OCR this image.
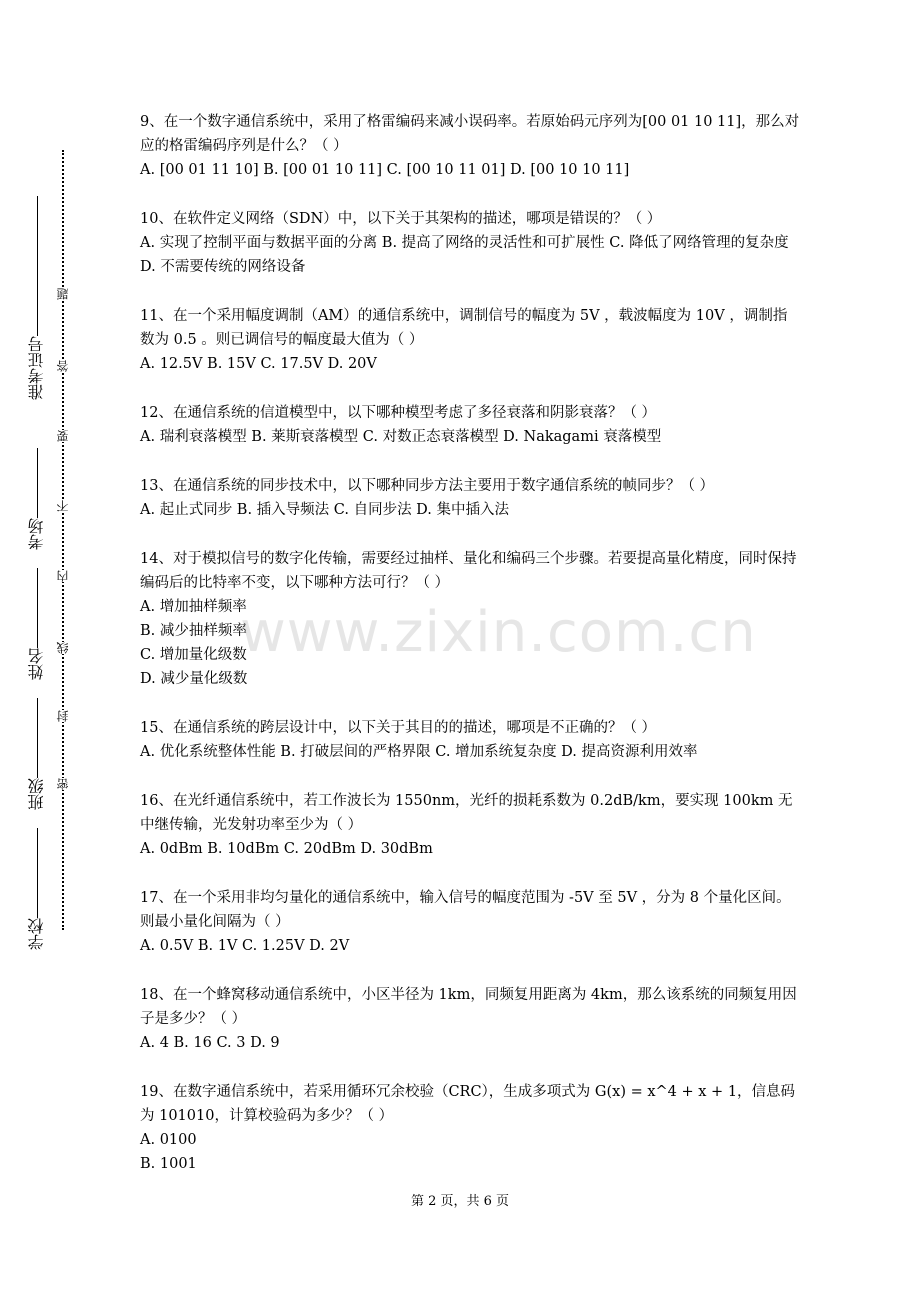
准考证号
考场
姓名
班级
学校
题
答
要
不
内
线
封
密
www.zixin.com.cn
9、在一个数字通信系统中，采用了格雷编码来减小误码率。若原始码元序列为[00 01 10 11]，那么对应的格雷编码序列是什么？（ ）
A. [00 01 11 10] B. [00 01 10 11] C. [00 10 11 01] D. [00 10 10 11]
10、在软件定义网络（SDN）中，以下关于其架构的描述，哪项是错误的？（ ）
A. 实现了控制平面与数据平面的分离 B. 提高了网络的灵活性和可扩展性 C. 降低了网络管理的复杂度 D. 不需要传统的网络设备
11、在一个采用幅度调制（AM）的通信系统中，调制信号的幅度为 5V ，载波幅度为 10V ，调制指数为 0.5 。则已调信号的幅度最大值为（ ）
A. 12.5V B. 15V C. 17.5V D. 20V
12、在通信系统的信道模型中，以下哪种模型考虑了多径衰落和阴影衰落？（ ）
A. 瑞利衰落模型 B. 莱斯衰落模型 C. 对数正态衰落模型 D. Nakagami 衰落模型
13、在通信系统的同步技术中，以下哪种同步方法主要用于数字通信系统的帧同步？（ ）
A. 起止式同步 B. 插入导频法 C. 自同步法 D. 集中插入法
14、对于模拟信号的数字化传输，需要经过抽样、量化和编码三个步骤。若要提高量化精度，同时保持编码后的比特率不变，以下哪种方法可行？（ ）
A. 增加抽样频率
B. 减少抽样频率
C. 增加量化级数
D. 减少量化级数
15、在通信系统的跨层设计中，以下关于其目的的描述，哪项是不正确的？（ ）
A. 优化系统整体性能 B. 打破层间的严格界限 C. 增加系统复杂度 D. 提高资源利用效率
16、在光纤通信系统中，若工作波长为 1550nm，光纤的损耗系数为 0.2dB/km，要实现 100km 无中继传输，光发射功率至少为（ ）
A. 0dBm B. 10dBm C. 20dBm D. 30dBm
17、在一个采用非均匀量化的通信系统中，输入信号的幅度范围为 -5V 至 5V ，分为 8 个量化区间。则最小量化间隔为（ ）
A. 0.5V B. 1V C. 1.25V D. 2V
18、在一个蜂窝移动通信系统中，小区半径为 1km，同频复用距离为 4km，那么该系统的同频复用因子是多少？（ ）
A. 4 B. 16 C. 3 D. 9
19、在数字通信系统中，若采用循环冗余校验（CRC），生成多项式为 G(x) = x^4 + x + 1，信息码为 101010，计算校验码为多少？（ ）
A. 0100
B. 1001
第 2 页，共 6 页
